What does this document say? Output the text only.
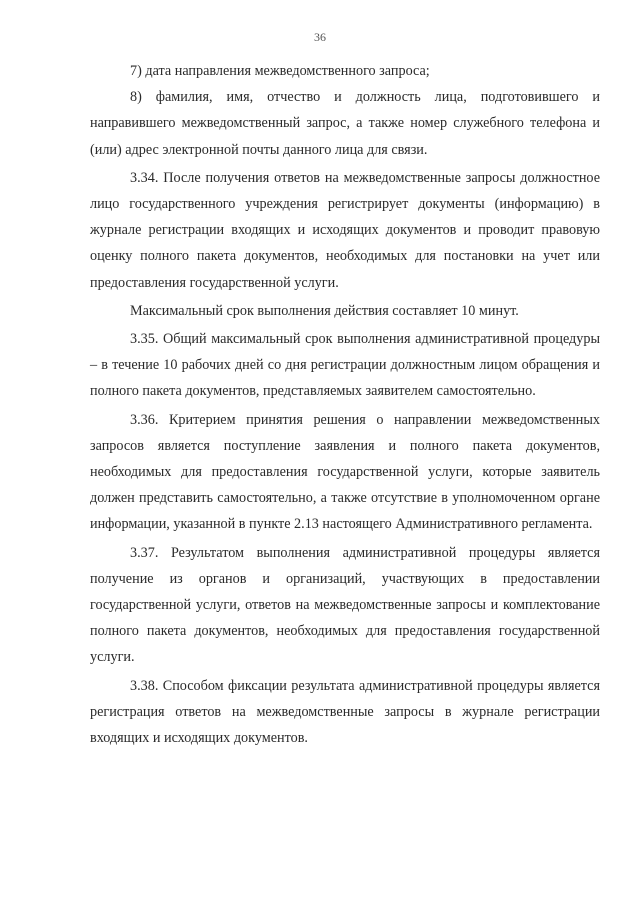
36

7) дата направления межведомственного запроса;

8) фамилия, имя, отчество и должность лица, подготовившего и направившего межведомственный запрос, а также номер служебного телефона и (или) адрес электронной почты данного лица для связи.

3.34. После получения ответов на межведомственные запросы должностное лицо государственного учреждения регистрирует документы (информацию) в журнале регистрации входящих и исходящих документов и проводит правовую оценку полного пакета документов, необходимых для постановки на учет или предоставления государственной услуги.

Максимальный срок выполнения действия составляет 10 минут.

3.35. Общий максимальный срок выполнения административной процедуры – в течение 10 рабочих дней со дня регистрации должностным лицом обращения и полного пакета документов, представляемых заявителем самостоятельно.

3.36. Критерием принятия решения о направлении межведомственных запросов является поступление заявления и полного пакета документов, необходимых для предоставления государственной услуги, которые заявитель должен представить самостоятельно, а также отсутствие в уполномоченном органе информации, указанной в пункте 2.13 настоящего Административного регламента.

3.37. Результатом выполнения административной процедуры является получение из органов и организаций, участвующих в предоставлении государственной услуги, ответов на межведомственные запросы и комплектование полного пакета документов, необходимых для предоставления государственной услуги.

3.38. Способом фиксации результата административной процедуры является регистрация ответов на межведомственные запросы в журнале регистрации входящих и исходящих документов.
